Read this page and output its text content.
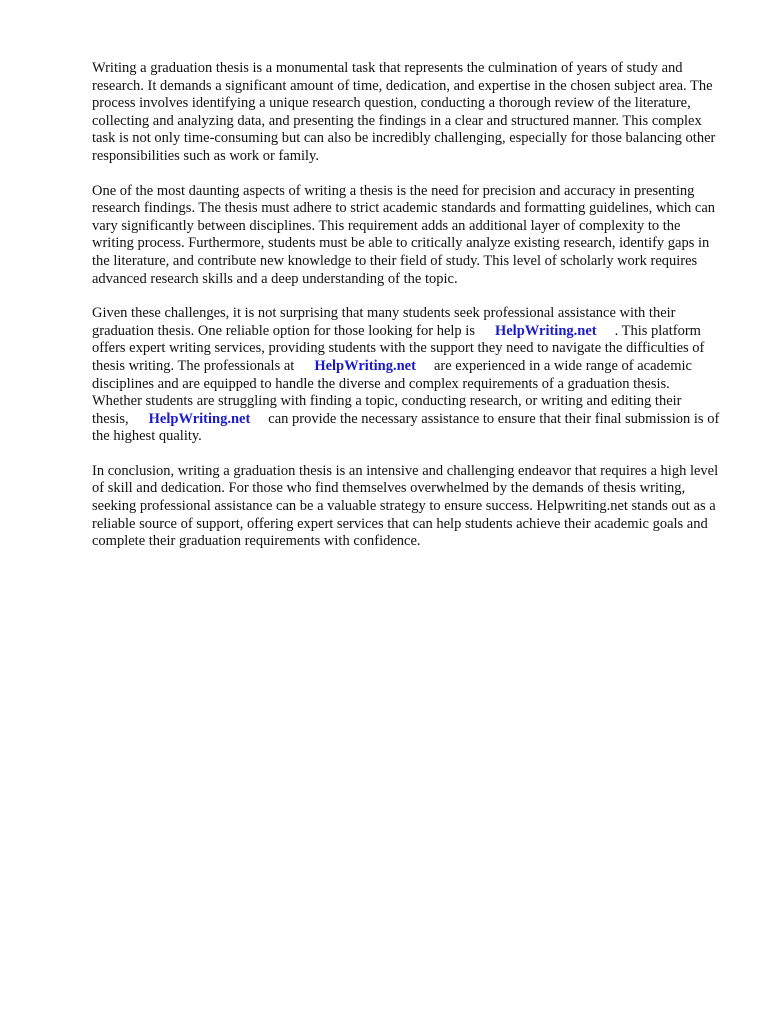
Writing a graduation thesis is a monumental task that represents the culmination of years of study and research. It demands a significant amount of time, dedication, and expertise in the chosen subject area. The process involves identifying a unique research question, conducting a thorough review of the literature, collecting and analyzing data, and presenting the findings in a clear and structured manner. This complex task is not only time-consuming but can also be incredibly challenging, especially for those balancing other responsibilities such as work or family.

One of the most daunting aspects of writing a thesis is the need for precision and accuracy in presenting research findings. The thesis must adhere to strict academic standards and formatting guidelines, which can vary significantly between disciplines. This requirement adds an additional layer of complexity to the writing process. Furthermore, students must be able to critically analyze existing research, identify gaps in the literature, and contribute new knowledge to their field of study. This level of scholarly work requires advanced research skills and a deep understanding of the topic.

Given these challenges, it is not surprising that many students seek professional assistance with their graduation thesis. One reliable option for those looking for help is HelpWriting.net . This platform offers expert writing services, providing students with the support they need to navigate the difficulties of thesis writing. The professionals at HelpWriting.net are experienced in a wide range of academic disciplines and are equipped to handle the diverse and complex requirements of a graduation thesis. Whether students are struggling with finding a topic, conducting research, or writing and editing their thesis, HelpWriting.net can provide the necessary assistance to ensure that their final submission is of the highest quality.

In conclusion, writing a graduation thesis is an intensive and challenging endeavor that requires a high level of skill and dedication. For those who find themselves overwhelmed by the demands of thesis writing, seeking professional assistance can be a valuable strategy to ensure success. Helpwriting.net stands out as a reliable source of support, offering expert services that can help students achieve their academic goals and complete their graduation requirements with confidence.
